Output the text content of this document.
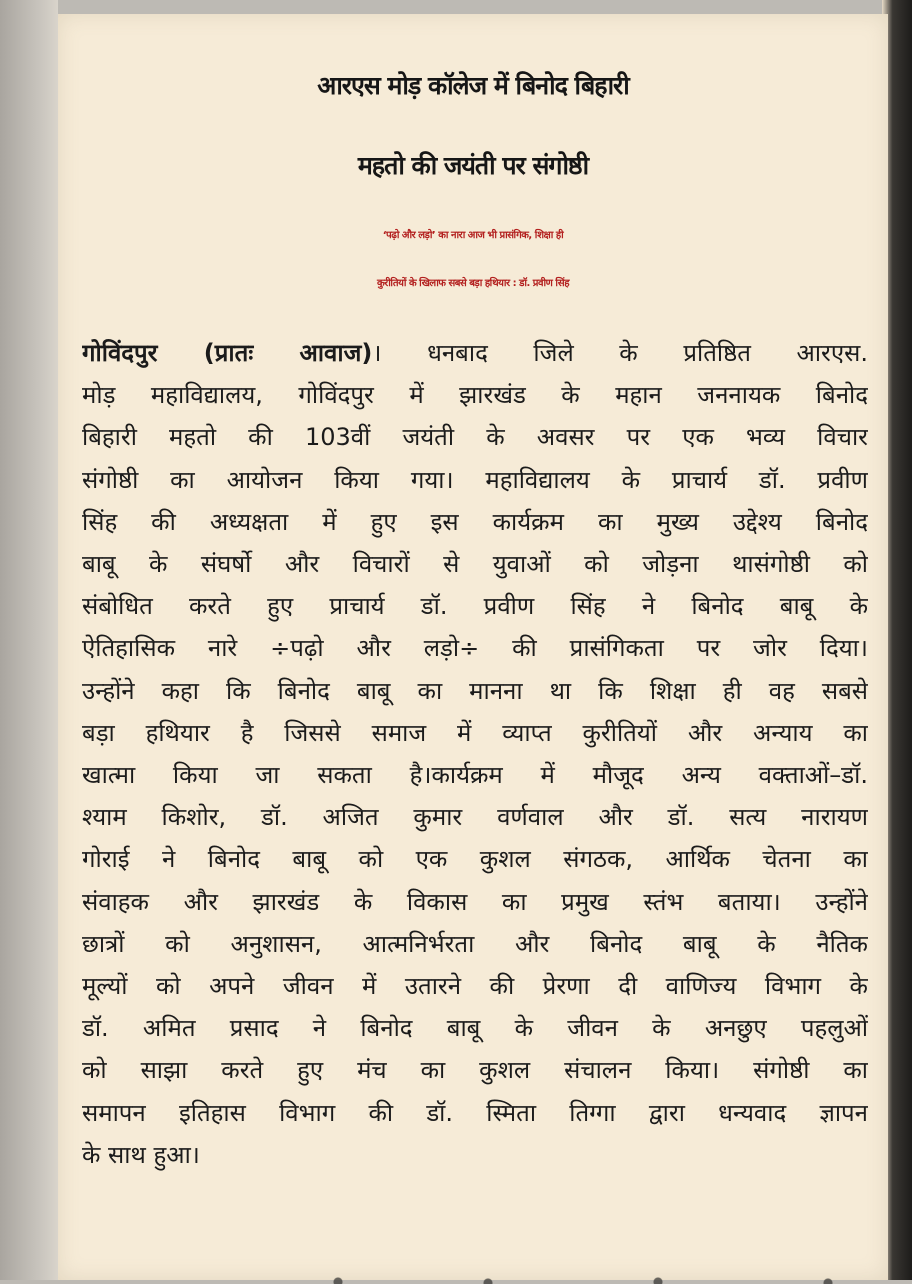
आरएस मोड़ कॉलेज में बिनोद बिहारी
महतो की जयंती पर संगोष्ठी
‘पढ़ो और लड़ो’ का नारा आज भी प्रासंगिक, शिक्षा ही
कुरीतियों के खिलाफ सबसे बड़ा हथियार : डॉ. प्रवीण सिंह
गोविंदपुर (प्रातः आवाज)। धनबाद जिले के प्रतिष्ठित आरएस.
मोड़ महाविद्यालय, गोविंदपुर में झारखंड के महान जननायक बिनोद
बिहारी महतो की 103वीं जयंती के अवसर पर एक भव्य विचार
संगोष्ठी का आयोजन किया गया। महाविद्यालय के प्राचार्य डॉ. प्रवीण
सिंह की अध्यक्षता में हुए इस कार्यक्रम का मुख्य उद्देश्य बिनोद
बाबू के संघर्षो और विचारों से युवाओं को जोड़ना थासंगोष्ठी को
संबोधित करते हुए प्राचार्य डॉ. प्रवीण सिंह ने बिनोद बाबू के
ऐतिहासिक नारे ÷पढ़ो और लड़ो÷ की प्रासंगिकता पर जोर दिया।
उन्होंने कहा कि बिनोद बाबू का मानना था कि शिक्षा ही वह सबसे
बड़ा हथियार है जिससे समाज में व्याप्त कुरीतियों और अन्याय का
खात्मा किया जा सकता है।कार्यक्रम में मौजूद अन्य वक्ताओं–डॉ.
श्याम किशोर, डॉ. अजित कुमार वर्णवाल और डॉ. सत्य नारायण
गोराई ने बिनोद बाबू को एक कुशल संगठक, आर्थिक चेतना का
संवाहक और झारखंड के विकास का प्रमुख स्तंभ बताया। उन्होंने
छात्रों को अनुशासन, आत्मनिर्भरता और बिनोद बाबू के नैतिक
मूल्यों को अपने जीवन में उतारने की प्रेरणा दी वाणिज्य विभाग के
डॉ. अमित प्रसाद ने बिनोद बाबू के जीवन के अनछुए पहलुओं
को साझा करते हुए मंच का कुशल संचालन किया। संगोष्ठी का
समापन इतिहास विभाग की डॉ. स्मिता तिग्गा द्वारा धन्यवाद ज्ञापन
के साथ हुआ।
